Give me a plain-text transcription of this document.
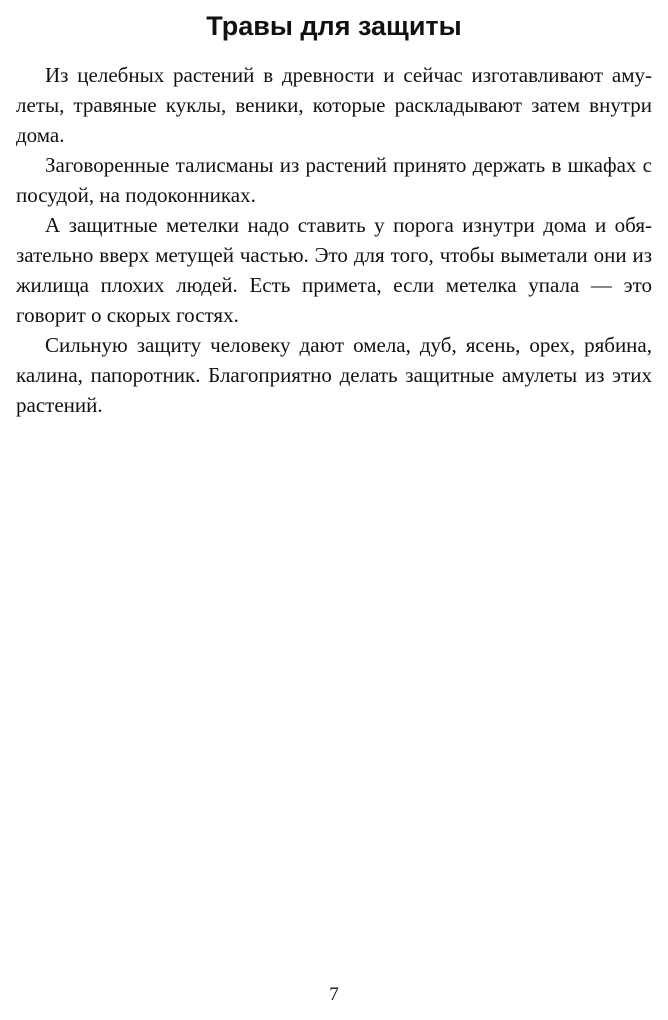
Травы для защиты

Из целебных растений в древности и сейчас изготавливают амулеты, травяные куклы, веники, которые раскладывают затем внутри дома.

Заговоренные талисманы из растений принято держать в шкафах с посудой, на подоконниках.

А защитные метелки надо ставить у порога изнутри дома и обязательно вверх метущей частью. Это для того, чтобы выметали они из жилища плохих людей. Есть примета, если метелка упала — это говорит о скорых гостях.

Сильную защиту человеку дают омела, дуб, ясень, орех, рябина, калина, папоротник. Благоприятно делать защитные амулеты из этих растений.

7
